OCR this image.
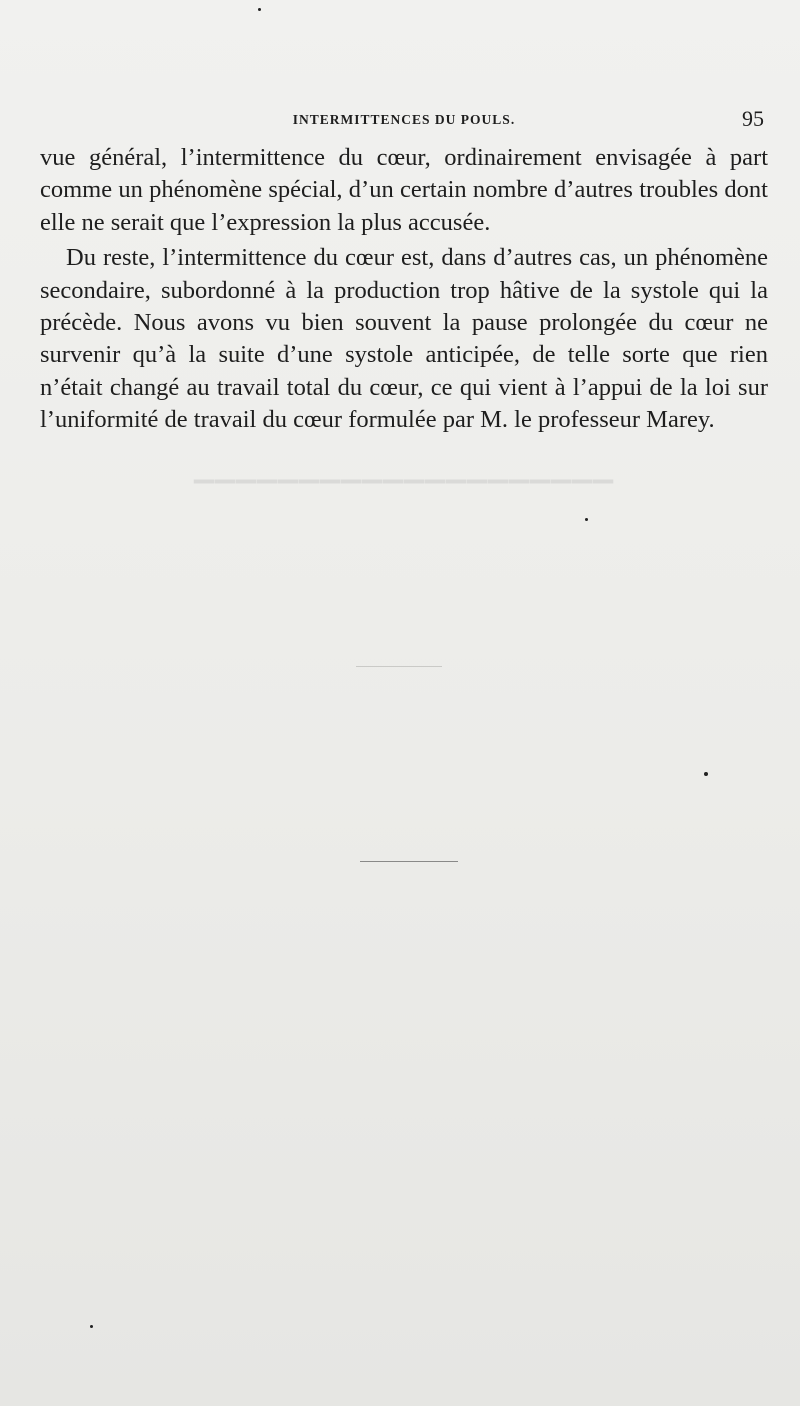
▁▁▁▁▁▁▁▁▁▁▁▁▁▁▁▁▁▁▁▁
INTERMITTENCES DU POULS.	95

vue général, l’intermittence du cœur, ordinairement envisagée à part comme un phénomène spécial, d’un certain nombre d’autres troubles dont elle ne serait que l’expression la plus accusée.

Du reste, l’intermittence du cœur est, dans d’autres cas, un phénomène secondaire, subordonné à la production trop hâtive de la systole qui la précède. Nous avons vu bien souvent la pause prolongée du cœur ne survenir qu’à la suite d’une systole anticipée, de telle sorte que rien n’était changé au travail total du cœur, ce qui vient à l’appui de la loi sur l’uniformité de travail du cœur formulée par M. le professeur Marey.
